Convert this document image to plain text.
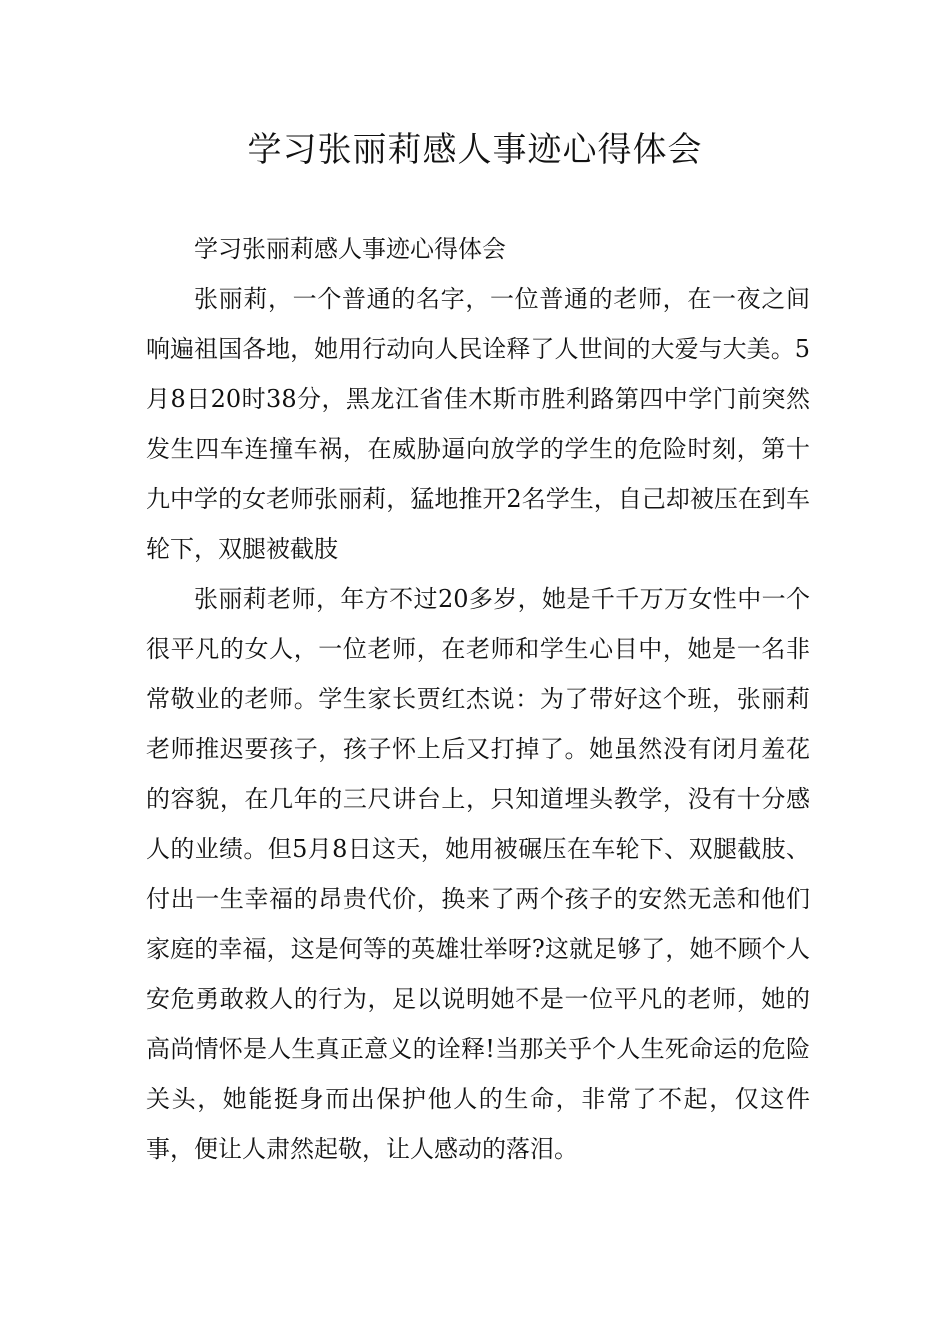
学习张丽莉感人事迹心得体会

学习张丽莉感人事迹心得体会

张丽莉，一个普通的名字，一位普通的老师，在一夜之间响遍祖国各地，她用行动向人民诠释了人世间的大爱与大美。5月8日20时38分，黑龙江省佳木斯市胜利路第四中学门前突然发生四车连撞车祸，在威胁逼向放学的学生的危险时刻，第十九中学的女老师张丽莉，猛地推开2名学生，自己却被压在到车轮下，双腿被截肢

张丽莉老师，年方不过20多岁，她是千千万万女性中一个很平凡的女人，一位老师，在老师和学生心目中，她是一名非常敬业的老师。学生家长贾红杰说：为了带好这个班，张丽莉老师推迟要孩子，孩子怀上后又打掉了。她虽然没有闭月羞花的容貌，在几年的三尺讲台上，只知道埋头教学，没有十分感人的业绩。但5月8日这天，她用被碾压在车轮下、双腿截肢、付出一生幸福的昂贵代价，换来了两个孩子的安然无恙和他们家庭的幸福，这是何等的英雄壮举呀?这就足够了，她不顾个人安危勇敢救人的行为，足以说明她不是一位平凡的老师，她的高尚情怀是人生真正意义的诠释!当那关乎个人生死命运的危险关头，她能挺身而出保护他人的生命，非常了不起，仅这件事，便让人肃然起敬，让人感动的落泪。
